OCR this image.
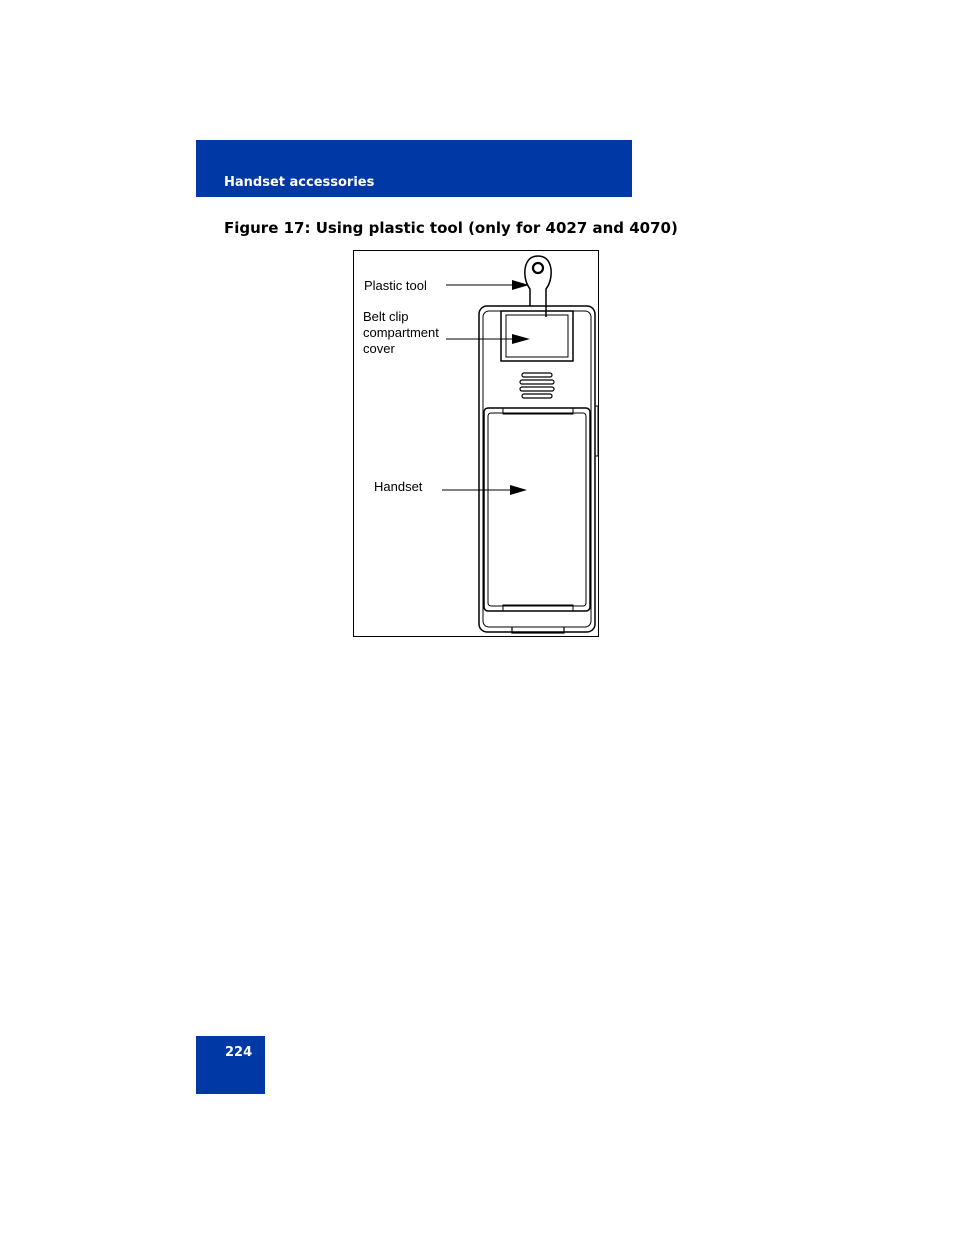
Handset accessories
Figure 17: Using plastic tool (only for 4027 and 4070)
Plastic tool
Belt clip
compartment
cover
Handset
224
